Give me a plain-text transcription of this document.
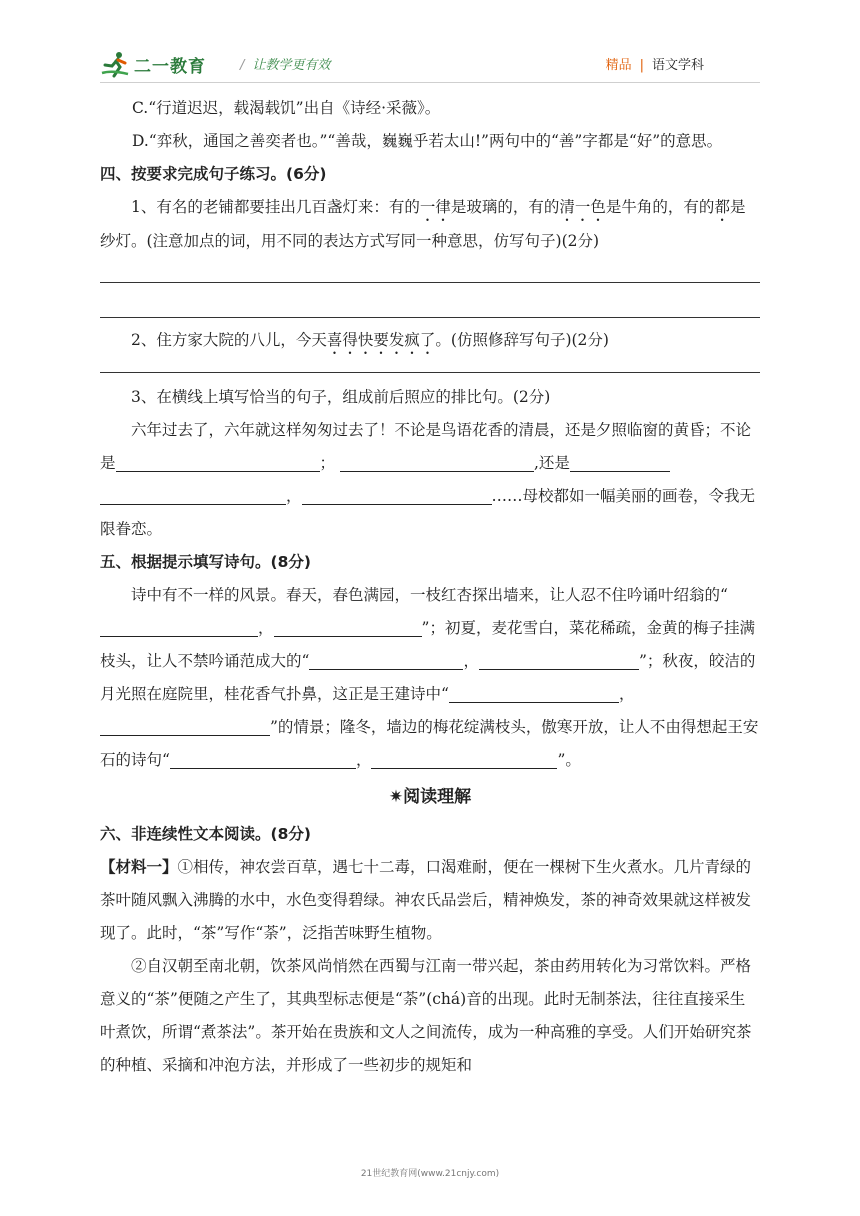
二一教育	/ 让教学更有效	精品 | 语文学科

C.“行道迟迟，载渴载饥”出自《诗经·采薇》。

D.“弈秋，通国之善奕者也。”“善哉，巍巍乎若太山!”两句中的“善”字都是“好”的意思。

四、按要求完成句子练习。(6分)

1、有名的老铺都要挂出几百盏灯来：有的一律是玻璃的，有的清一色是牛角的，有的都是纱灯。(注意加点的词，用不同的表达方式写同一种意思，仿写句子)(2分)

2、住方家大院的八儿，今天喜得快要发疯了。(仿照修辞写句子)(2分)

3、在横线上填写恰当的句子，组成前后照应的排比句。(2分)

六年过去了，六年就这样匆匆过去了！不论是鸟语花香的清晨，还是夕照临窗的黄昏；不论是	；	,还是，	……母校都如一幅美丽的画卷，令我无限眷恋。

五、根据提示填写诗句。(8分)

诗中有不一样的风景。春天，春色满园，一枝红杏探出墙来，让人忍不住吟诵叶绍翁的“，	”；初夏，麦花雪白，菜花稀疏，金黄的梅子挂满枝头，让人不禁吟诵范成大的“	，	”；秋夜，皎洁的月光照在庭院里，桂花香气扑鼻，这正是王建诗中“	，”的情景；隆冬，墙边的梅花绽满枝头，傲寒开放，让人不由得想起王安石的诗句“	，	”。

✷阅读理解

六、非连续性文本阅读。(8分)

【材料一】①相传，神农尝百草，遇七十二毒，口渴难耐，便在一棵树下生火煮水。几片青绿的茶叶随风飘入沸腾的水中，水色变得碧绿。神农氏品尝后，精神焕发，茶的神奇效果就这样被发现了。此时，“茶”写作“荼”，泛指苦味野生植物。

②自汉朝至南北朝，饮茶风尚悄然在西蜀与江南一带兴起，茶由药用转化为习常饮料。严格意义的“茶”便随之产生了，其典型标志便是“荼”(chá)音的出现。此时无制茶法，往往直接采生叶煮饮，所谓“煮茶法”。茶开始在贵族和文人之间流传，成为一种高雅的享受。人们开始研究茶的种植、采摘和冲泡方法，并形成了一些初步的规矩和

21世纪教育网(www.21cnjy.com)
